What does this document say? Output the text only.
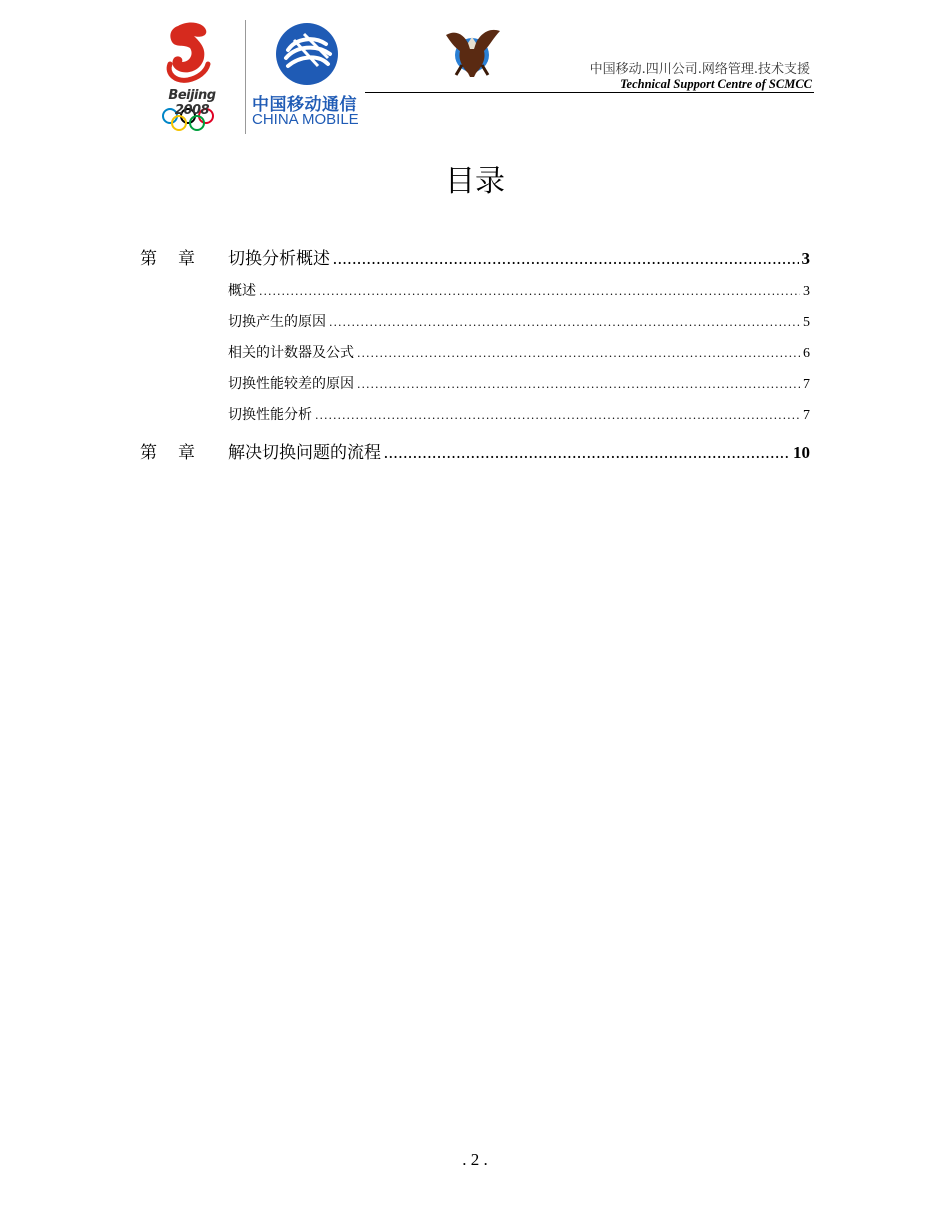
Beijing 2008	中国移动通信
CHINA MOBILE
中国移动.四川公司.网络管理.技术支援
Technical Support Centre of SCMCC
目录
第	章 切换分析概述 .....	3
概述 .....	3
切换产生的原因 .....	5
相关的计数器及公式 .....	6
切换性能较差的原因 .....	7
切换性能分析 .....	7
第	章 解决切换问题的流程 .....	10
. 2 .
